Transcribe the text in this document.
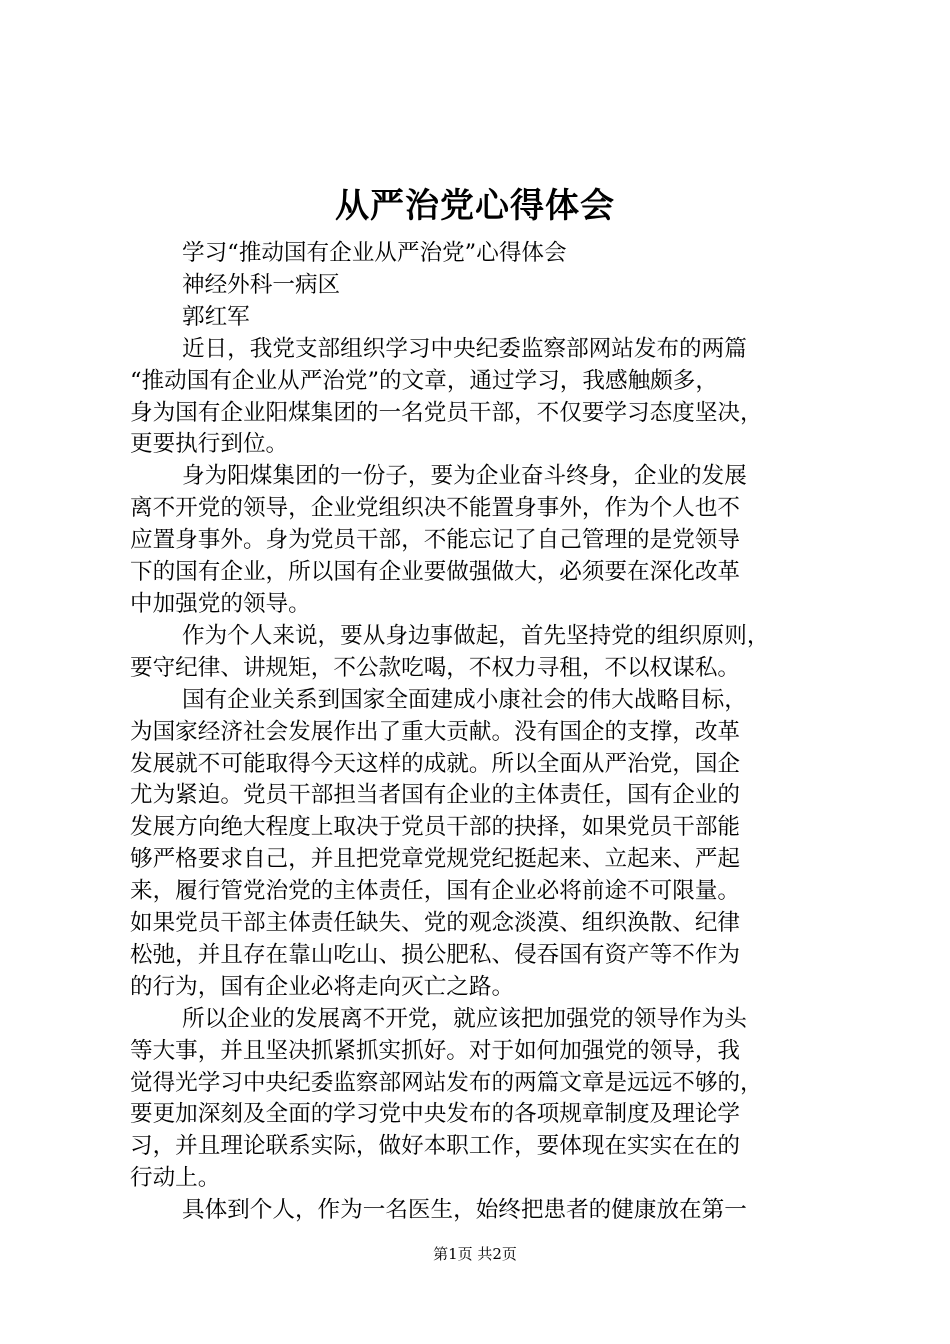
从严治党心得体会
学习“推动国有企业从严治党”心得体会
神经外科一病区
郭红军
近日，我党支部组织学习中央纪委监察部网站发布的两篇
“推动国有企业从严治党”的文章，通过学习，我感触颇多，
身为国有企业阳煤集团的一名党员干部，不仅要学习态度坚决，
更要执行到位。
身为阳煤集团的一份子，要为企业奋斗终身，企业的发展
离不开党的领导，企业党组织决不能置身事外，作为个人也不
应置身事外。身为党员干部，不能忘记了自己管理的是党领导
下的国有企业，所以国有企业要做强做大，必须要在深化改革
中加强党的领导。
作为个人来说，要从身边事做起，首先坚持党的组织原则，
要守纪律、讲规矩，不公款吃喝，不权力寻租，不以权谋私。
国有企业关系到国家全面建成小康社会的伟大战略目标，
为国家经济社会发展作出了重大贡献。没有国企的支撑，改革
发展就不可能取得今天这样的成就。所以全面从严治党，国企
尤为紧迫。党员干部担当者国有企业的主体责任，国有企业的
发展方向绝大程度上取决于党员干部的抉择，如果党员干部能
够严格要求自己，并且把党章党规党纪挺起来、立起来、严起
来，履行管党治党的主体责任，国有企业必将前途不可限量。
如果党员干部主体责任缺失、党的观念淡漠、组织涣散、纪律
松弛，并且存在靠山吃山、损公肥私、侵吞国有资产等不作为
的行为，国有企业必将走向灭亡之路。
所以企业的发展离不开党，就应该把加强党的领导作为头
等大事，并且坚决抓紧抓实抓好。对于如何加强党的领导，我
觉得光学习中央纪委监察部网站发布的两篇文章是远远不够的，
要更加深刻及全面的学习党中央发布的各项规章制度及理论学
习，并且理论联系实际，做好本职工作，要体现在实实在在的
行动上。
具体到个人，作为一名医生，始终把患者的健康放在第一
第1页 共2页
